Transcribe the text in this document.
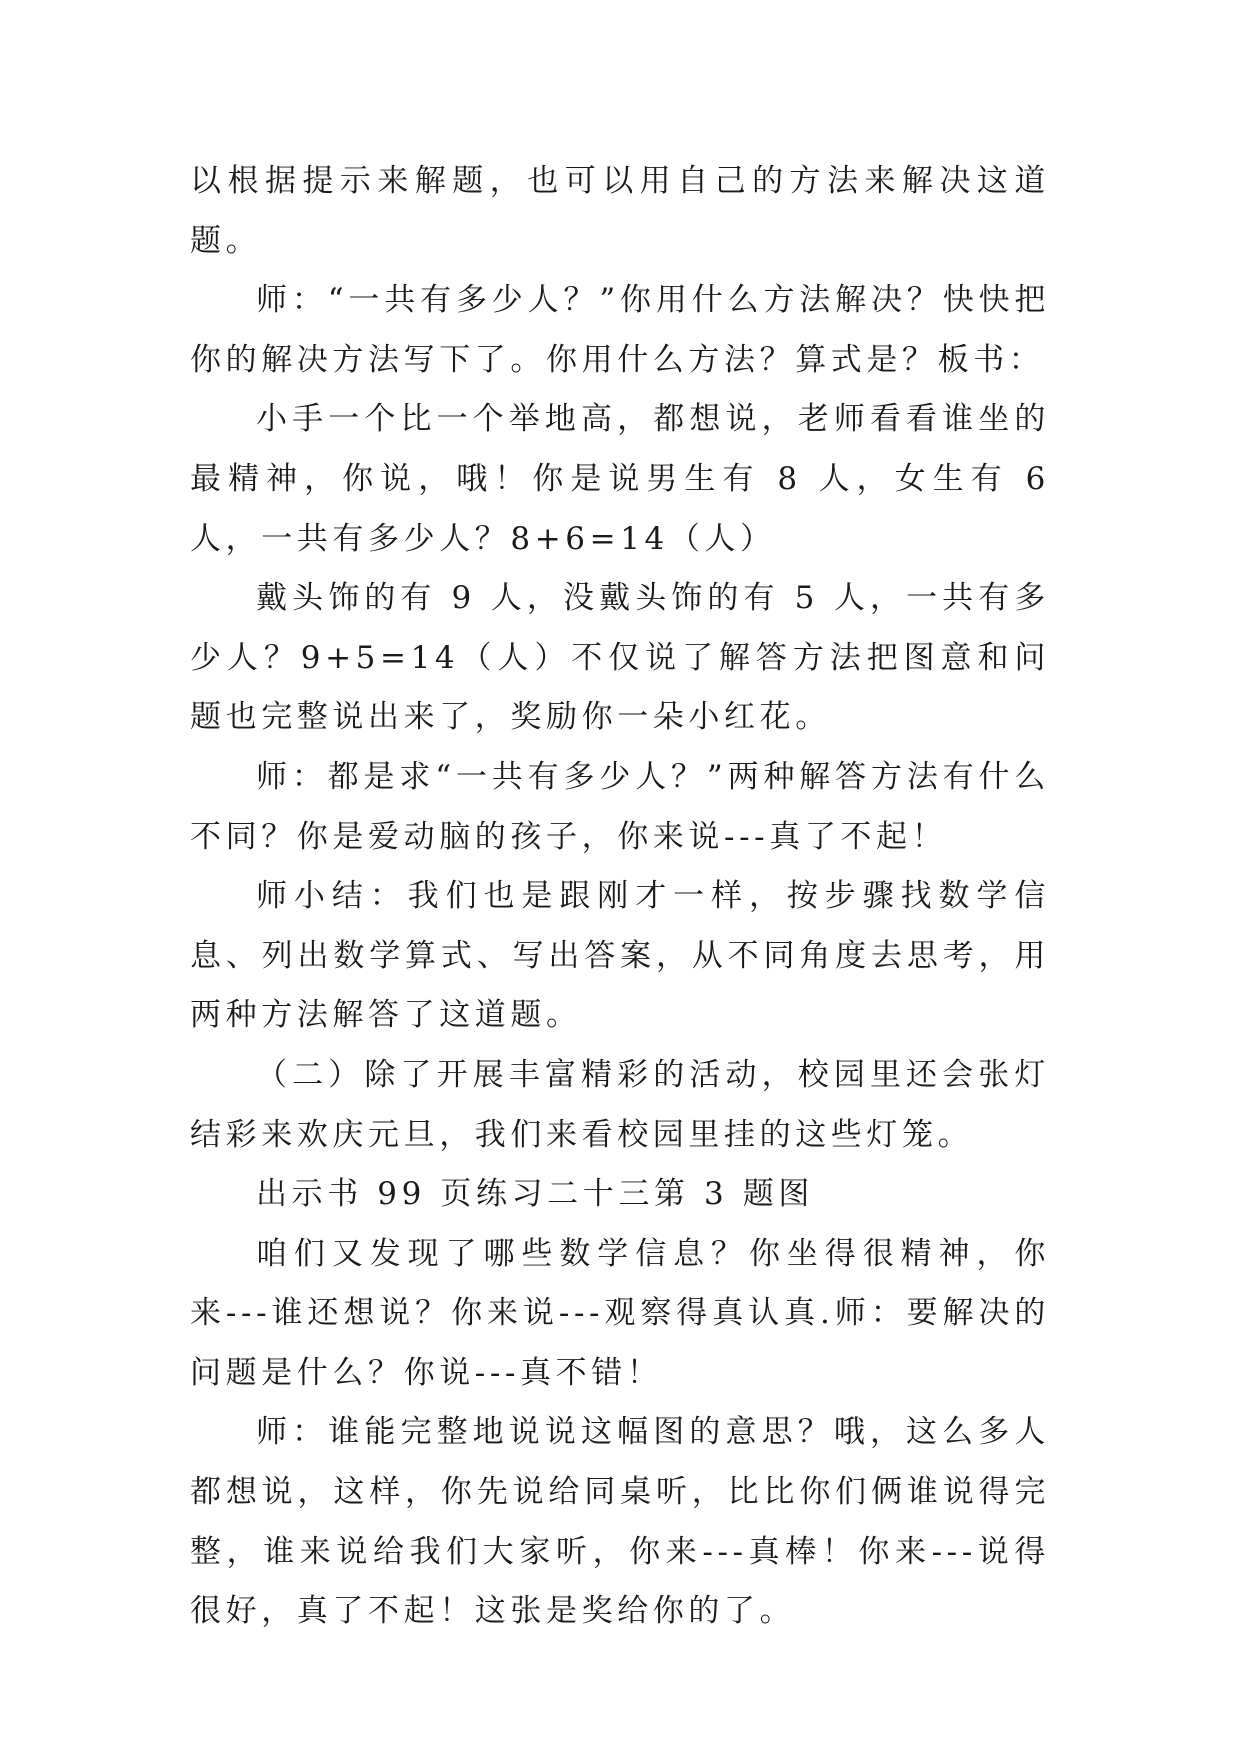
以根据提示来解题，也可以用自己的方法来解决这道题。

师：“一共有多少人？”你用什么方法解决？快快把你的解决方法写下了。你用什么方法？算式是？板书：

小手一个比一个举地高，都想说，老师看看谁坐的最精神，你说，哦！你是说男生有 8 人，女生有 6 人，一共有多少人？8+6=14（人）

戴头饰的有 9 人，没戴头饰的有 5 人，一共有多少人？9+5=14（人）不仅说了解答方法把图意和问题也完整说出来了，奖励你一朵小红花。

师：都是求“一共有多少人？”两种解答方法有什么不同？你是爱动脑的孩子，你来说---真了不起！

师小结：我们也是跟刚才一样，按步骤找数学信息、列出数学算式、写出答案，从不同角度去思考，用两种方法解答了这道题。

（二）除了开展丰富精彩的活动，校园里还会张灯结彩来欢庆元旦，我们来看校园里挂的这些灯笼。

出示书 99 页练习二十三第 3 题图

咱们又发现了哪些数学信息？你坐得很精神，你来---谁还想说？你来说---观察得真认真.师：要解决的问题是什么？你说---真不错！

师：谁能完整地说说这幅图的意思？哦，这么多人都想说，这样，你先说给同桌听，比比你们俩谁说得完整，谁来说给我们大家听，你来---真棒！你来---说得很好，真了不起！这张是奖给你的了。
